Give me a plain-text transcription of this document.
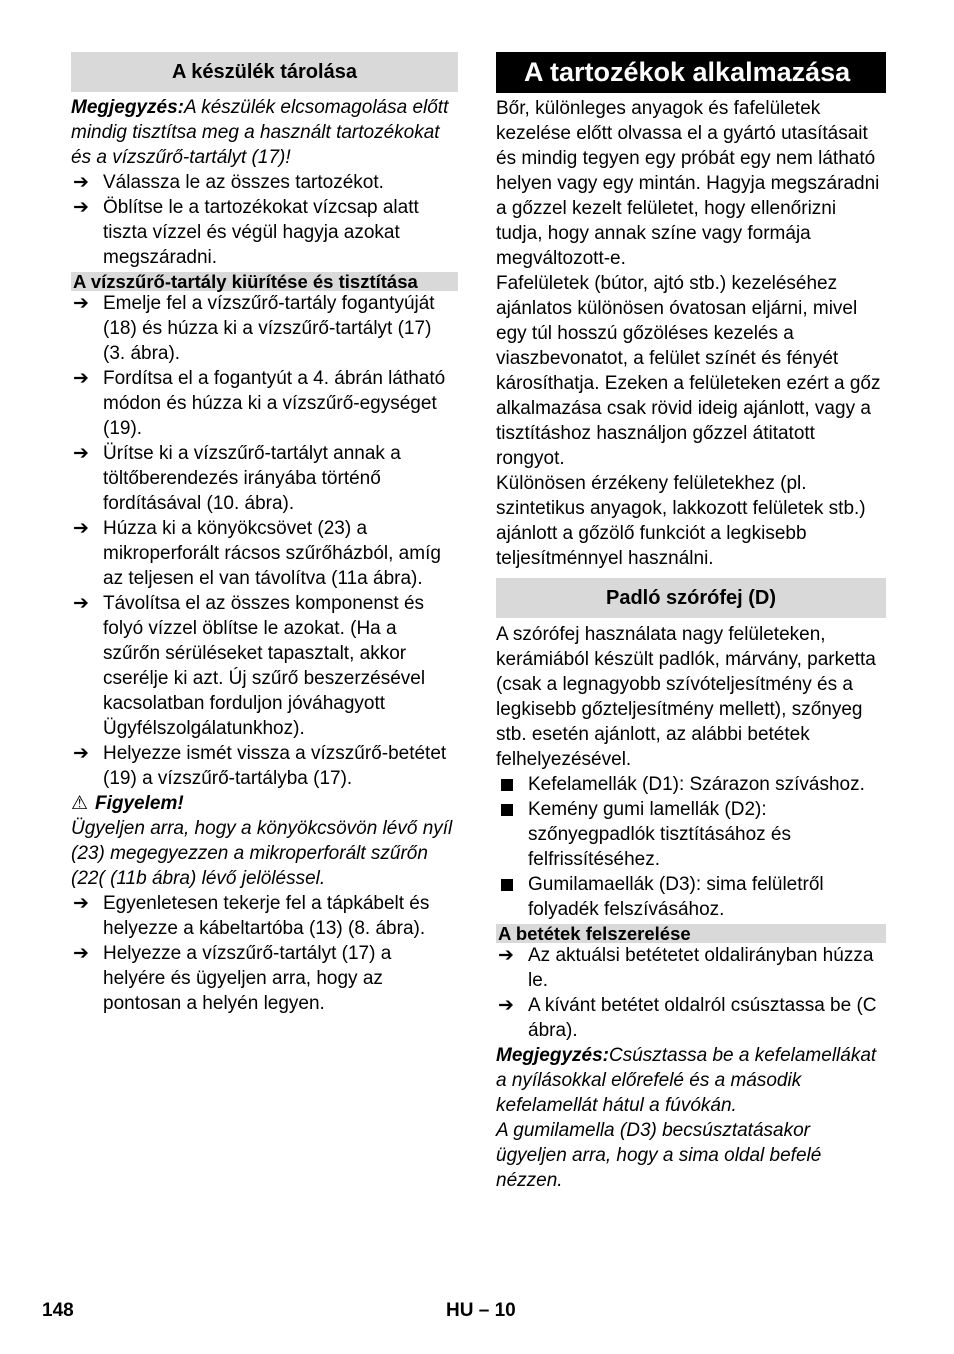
A készülék tárolása

Megjegyzés:A készülék elcsomagolása előtt mindig tisztítsa meg a használt tartozékokat és a vízszűrő-tartályt (17)!

➔ Válassza le az összes tartozékot.
➔ Öblítse le a tartozékokat vízcsap alatt tiszta vízzel és végül hagyja azokat megszáradni.
A vízszűrő-tartály kiürítése és tisztítása
➔ Emelje fel a vízszűrő-tartály fogantyúját (18) és húzza ki a vízszűrő-tartályt (17) (3. ábra).
➔ Fordítsa el a fogantyút a 4. ábrán látható módon és húzza ki a vízszűrő-egységet (19).
➔ Ürítse ki a vízszűrő-tartályt annak a töltőberendezés irányába történő fordításával (10. ábra).
➔ Húzza ki a könyökcsövet (23) a mikroperforált rácsos szűrőházból, amíg az teljesen el van távolítva (11a ábra).
➔ Távolítsa el az összes komponenst és folyó vízzel öblítse le azokat. (Ha a szűrőn sérüléseket tapasztalt, akkor cserélje ki azt. Új szűrő beszerzésével kacsolatban forduljon jóváhagyott Ügyfélszolgálatunkhoz).
➔ Helyezze ismét vissza a vízszűrő-betétet (19) a vízszűrő-tartályba (17).

⚠ Figyelem!

Ügyeljen arra, hogy a könyökcsövön lévő nyíl (23) megegyezzen a mikroperforált szűrőn (22( (11b ábra) lévő jelöléssel.

➔ Egyenletesen tekerje fel a tápkábelt és helyezze a kábeltartóba (13) (8. ábra).
➔ Helyezze a vízszűrő-tartályt (17) a helyére és ügyeljen arra, hogy az pontosan a helyén legyen.
A tartozékok alkalmazása

Bőr, különleges anyagok és fafelületek kezelése előtt olvassa el a gyártó utasításait és mindig tegyen egy próbát egy nem látható helyen vagy egy mintán. Hagyja megszáradni a gőzzel kezelt felületet, hogy ellenőrizni tudja, hogy annak színe vagy formája megváltozott-e.

Fafelületek (bútor, ajtó stb.) kezeléséhez ajánlatos különösen óvatosan eljárni, mivel egy túl hosszú gőzöléses kezelés a viaszbevonatot, a felület színét és fényét károsíthatja. Ezeken a felületeken ezért a gőz alkalmazása csak rövid ideig ajánlott, vagy a tisztításhoz használjon gőzzel átitatott rongyot.

Különösen érzékeny felületekhez (pl. szintetikus anyagok, lakkozott felületek stb.) ajánlott a gőzölő funkciót a legkisebb teljesítménnyel használni.

Padló szórófej (D)

A szórófej használata nagy felületeken, kerámiából készült padlók, márvány, parketta (csak a legnagyobb szívóteljesítmény és a legkisebb gőzteljesítmény mellett), szőnyeg stb. esetén ajánlott, az alábbi betétek felhelyezésével.

Kefelamellák (D1): Szárazon szíváshoz.
Kemény gumi lamellák (D2): szőnyegpadlók tisztításához és felfrissítéséhez.
Gumilamaellák (D3): sima felületről folyadék felszívásához.
A betétek felszerelése
➔ Az aktuálsi betétetet oldalirányban húzza le.
➔ A kívánt betétet oldalról csúsztassa be (C ábra).

Megjegyzés:Csúsztassa be a kefelamellákat a nyílásokkal előrefelé és a második kefelamellát hátul a fúvókán.

A gumilamella (D3) becsúsztatásakor ügyeljen arra, hogy a sima oldal befelé nézzen.

148	HU – 10
